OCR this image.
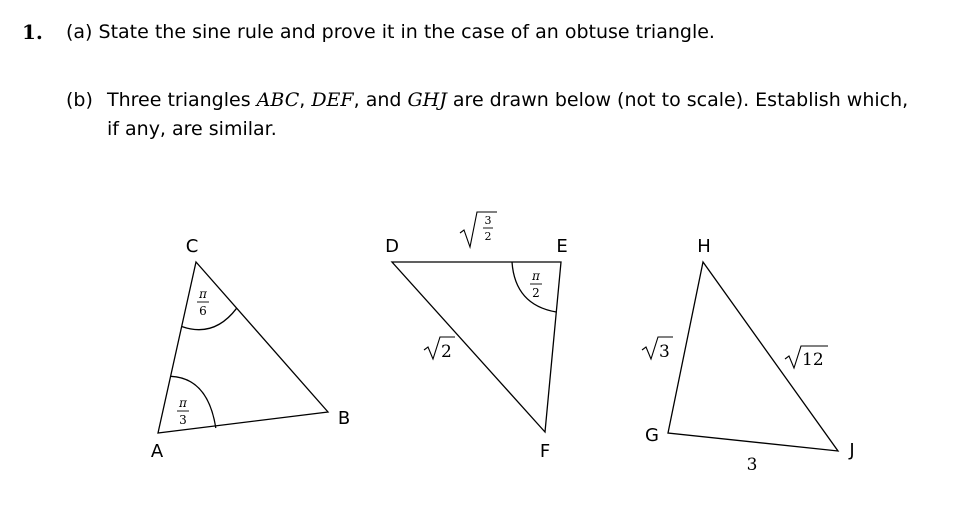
1. (a) State the sine rule and prove it in the case of an obtuse triangle.
(b) Three triangles ABC, DEF, and GHJ are drawn below (not to scale). Establish which, if any, are similar.
C
A
B
π
6
π
3
D	E
F
3
2
2
π
2
H
G
J
3	12
3
